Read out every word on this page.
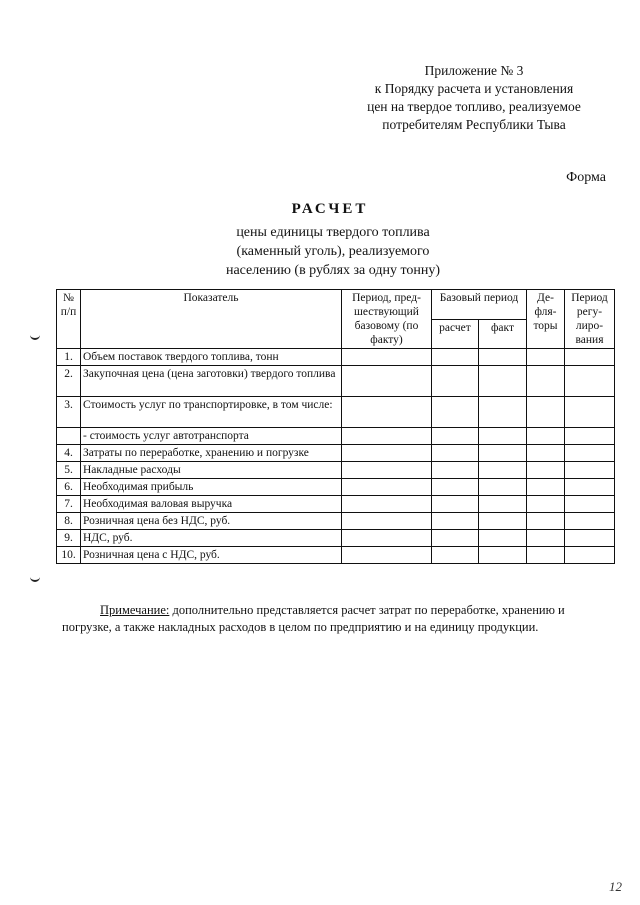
Приложение № 3
к Порядку расчета и установления
цен на твердое топливо, реализуемое
потребителям Республики Тыва
Форма
РАСЧЕТ
цены единицы твердого топлива
(каменный уголь), реализуемого
населению (в рублях за одну тонну)
№ п/п	Показатель	Период, пред-шествующий базовому (по факту)	Базовый период		Де-фля-торы	Период регу-лиро-вания
			расчет	факт		
1.	Объем поставок твердого топлива, тонн					
2.	Закупочная цена (цена заготовки) твердого топлива					
3.	Стоимость услуг по транспортировке, в том числе:					
	- стоимость услуг автотранспорта					
4.	Затраты по переработке, хранению и погрузке					
5.	Накладные расходы					
6.	Необходимая прибыль					
7.	Необходимая валовая выручка					
8.	Розничная цена без НДС, руб.					
9.	НДС, руб.					
10.	Розничная цена с НДС, руб.					
Примечание: дополнительно представляется расчет затрат по переработке, хранению и погрузке, а также накладных расходов в целом по предприятию и на единицу продукции.
12
